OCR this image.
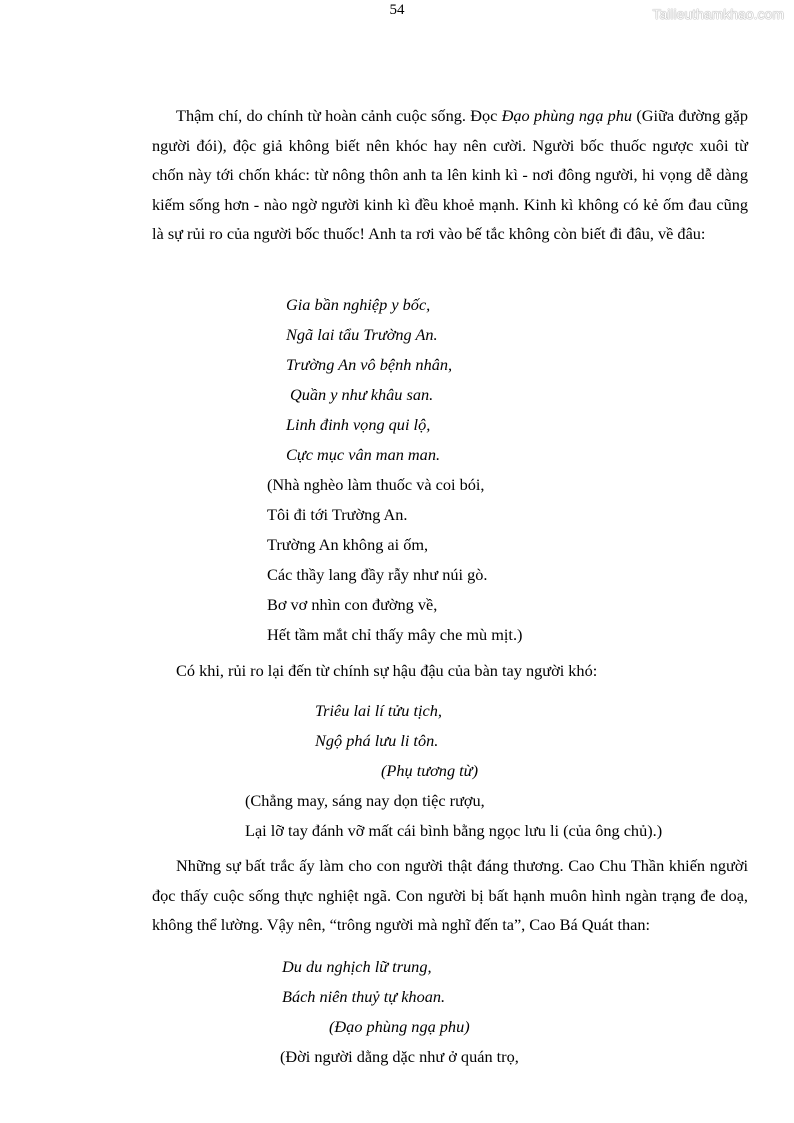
54	Tailieuthamkhao.com
Thậm chí, do chính từ hoàn cảnh cuộc sống. Đọc Đạo phùng ngạ phu (Giữa đường gặp người đói), độc giả không biết nên khóc hay nên cười. Người bốc thuốc ngược xuôi từ chốn này tới chốn khác: từ nông thôn anh ta lên kinh kì - nơi đông người, hi vọng dễ dàng kiếm sống hơn - nào ngờ người kinh kì đều khoẻ mạnh. Kinh kì không có kẻ ốm đau cũng là sự rủi ro của người bốc thuốc! Anh ta rơi vào bế tắc không còn biết đi đâu, về đâu:
Gia bần nghiệp y bốc,
Ngã lai tẩu Trường An.
Trường An vô bệnh nhân,
Quần y như khâu san.
Linh đinh vọng qui lộ,
Cực mục vân man man.
(Nhà nghèo làm thuốc và coi bói,
Tôi đi tới Trường An.
Trường An không ai ốm,
Các thầy lang đầy rẫy như núi gò.
Bơ vơ nhìn con đường về,
Hết tầm mắt chỉ thấy mây che mù mịt.)
Có khi, rủi ro lại đến từ chính sự hậu đậu của bàn tay người khó:
Triêu lai lí tửu tịch,
Ngộ phá lưu li tôn.
(Phụ tương từ)
(Chẳng may, sáng nay dọn tiệc rượu,
Lại lỡ tay đánh vỡ mất cái bình bằng ngọc lưu li (của ông chủ).)
Những sự bất trắc ấy làm cho con người thật đáng thương. Cao Chu Thần khiến người đọc thấy cuộc sống thực nghiệt ngã. Con người bị bất hạnh muôn hình ngàn trạng đe doạ, không thể lường. Vậy nên, “trông người mà nghĩ đến ta”, Cao Bá Quát than:
Du du nghịch lữ trung,
Bách niên thuỷ tự khoan.
(Đạo phùng ngạ phu)
(Đời người dằng dặc như ở quán trọ,
